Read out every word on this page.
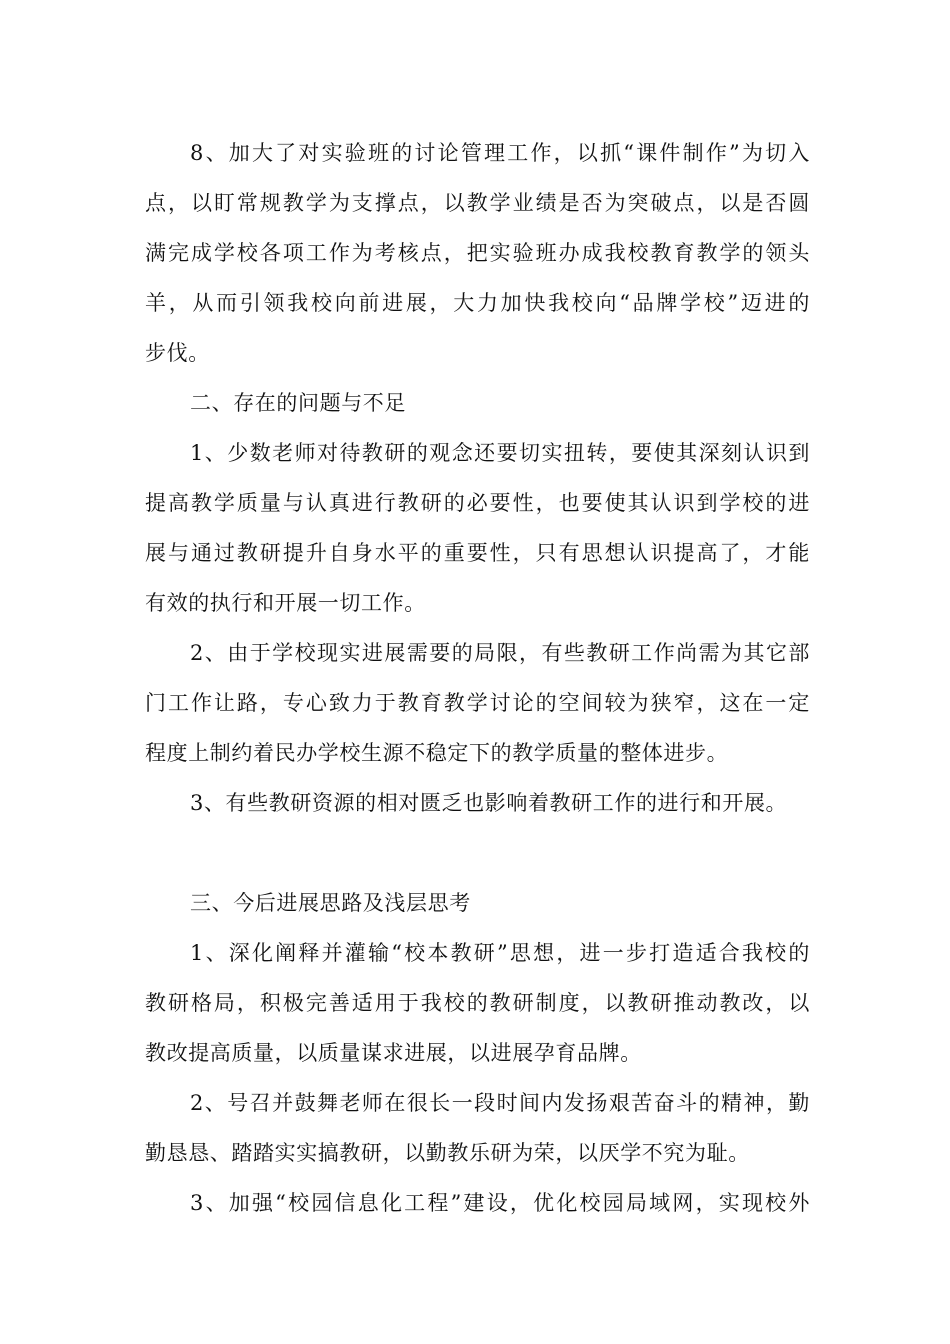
8、加大了对实验班的讨论管理工作，以抓“课件制作”为切入
点，以盯常规教学为支撑点，以教学业绩是否为突破点，以是否圆
满完成学校各项工作为考核点，把实验班办成我校教育教学的领头
羊，从而引领我校向前进展，大力加快我校向“品牌学校”迈进的
步伐。
二、存在的问题与不足
1、少数老师对待教研的观念还要切实扭转，要使其深刻认识到
提高教学质量与认真进行教研的必要性，也要使其认识到学校的进
展与通过教研提升自身水平的重要性，只有思想认识提高了，才能
有效的执行和开展一切工作。
2、由于学校现实进展需要的局限，有些教研工作尚需为其它部
门工作让路，专心致力于教育教学讨论的空间较为狭窄，这在一定
程度上制约着民办学校生源不稳定下的教学质量的整体进步。
3、有些教研资源的相对匮乏也影响着教研工作的进行和开展。
三、今后进展思路及浅层思考
1、深化阐释并灌输“校本教研”思想，进一步打造适合我校的
教研格局，积极完善适用于我校的教研制度，以教研推动教改，以
教改提高质量，以质量谋求进展，以进展孕育品牌。
2、号召并鼓舞老师在很长一段时间内发扬艰苦奋斗的精神，勤
勤恳恳、踏踏实实搞教研，以勤教乐研为荣，以厌学不究为耻。
3、加强“校园信息化工程”建设，优化校园局域网，实现校外
